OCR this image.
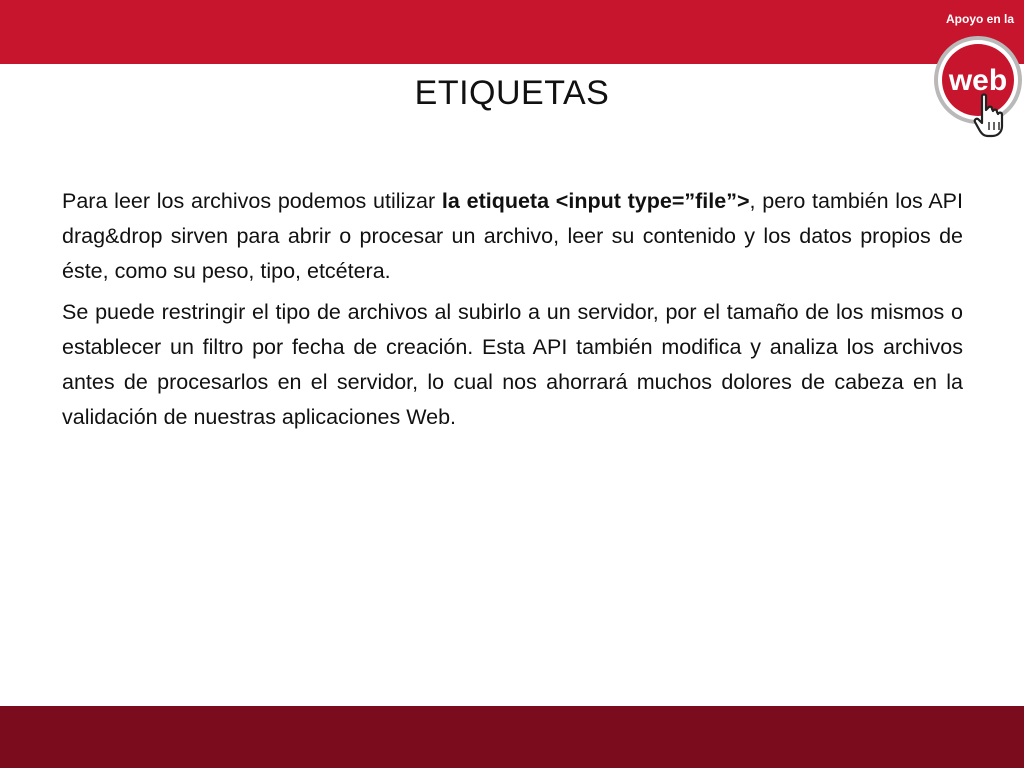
Apoyo en la
web
ETIQUETAS

Para leer los archivos podemos utilizar la etiqueta <input type=”file”>, pero también los API drag&drop sirven para abrir o procesar un archivo, leer su contenido y los datos propios de éste, como su peso, tipo, etcétera.

Se puede restringir el tipo de archivos al subirlo a un servidor, por el tamaño de los mismos o establecer un filtro por fecha de creación. Esta API también modifica y analiza los archivos antes de procesarlos en el servidor, lo cual nos ahorrará muchos dolores de cabeza en la validación de nuestras aplicaciones Web.
